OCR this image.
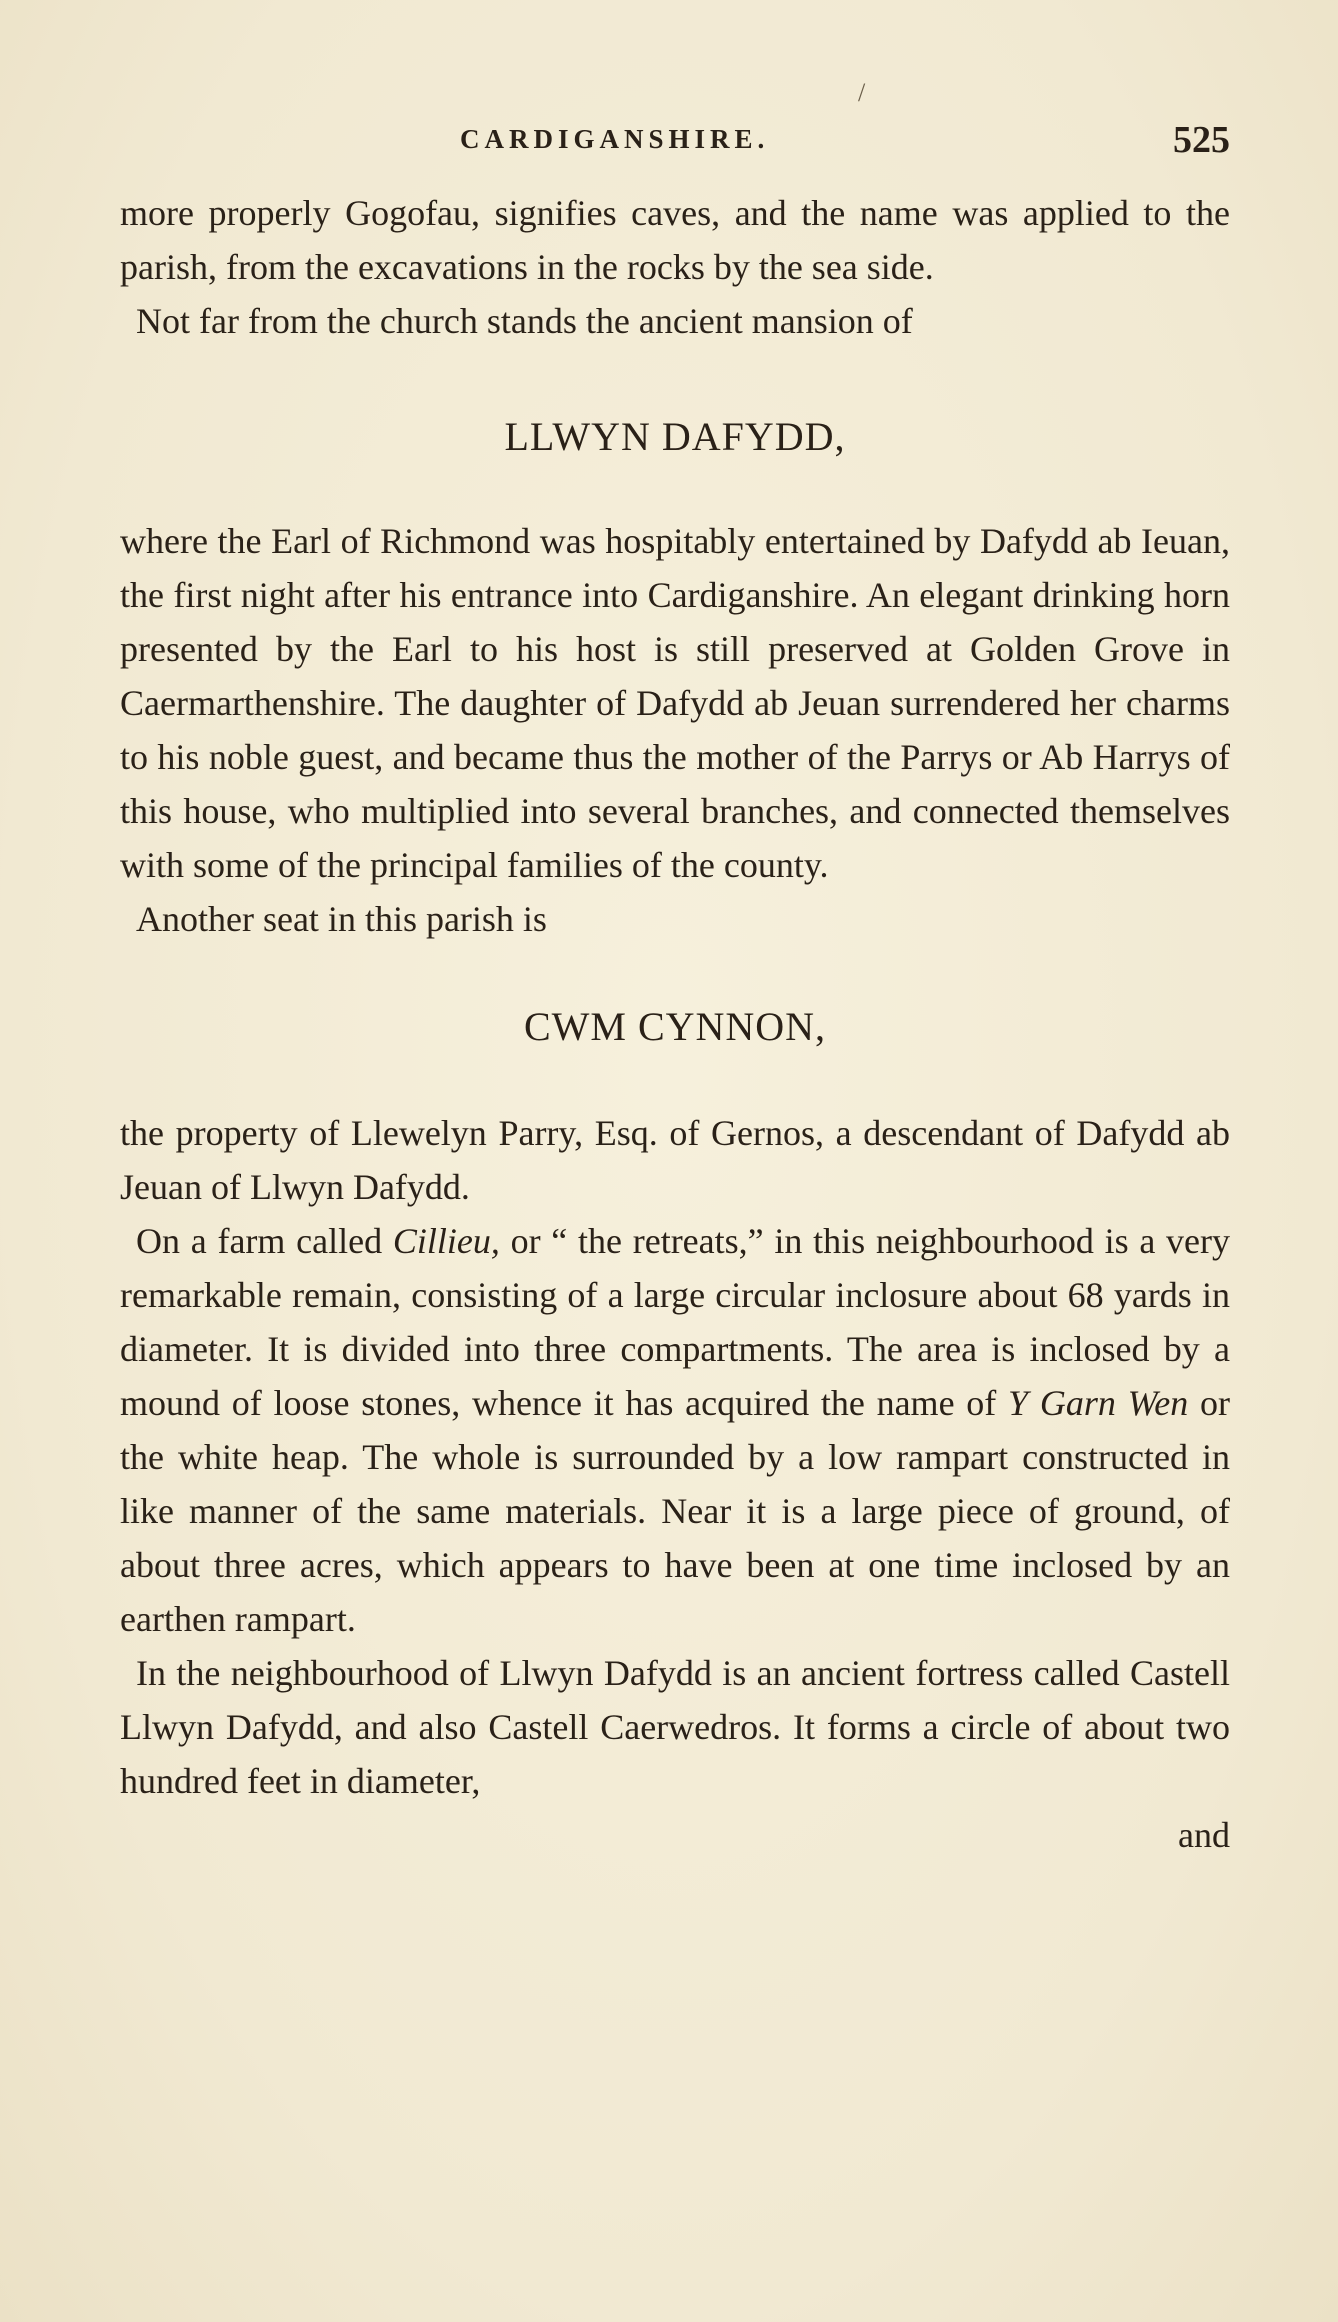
/
CARDIGANSHIRE.	525

more properly Gogofau, signifies caves, and the name was applied to the parish, from the excavations in the rocks by the sea side.

Not far from the church stands the ancient mansion of

LLWYN DAFYDD,

where the Earl of Richmond was hospitably entertained by Dafydd ab Ieuan, the first night after his entrance into Cardiganshire. An elegant drinking horn presented by the Earl to his host is still preserved at Golden Grove in Caermarthenshire. The daughter of Dafydd ab Jeuan surrendered her charms to his noble guest, and became thus the mother of the Parrys or Ab Harrys of this house, who multiplied into several branches, and connected themselves with some of the principal families of the county.

Another seat in this parish is

CWM CYNNON,

the property of Llewelyn Parry, Esq. of Gernos, a descendant of Dafydd ab Jeuan of Llwyn Dafydd.

On a farm called Cillieu, or “ the retreats,” in this neighbourhood is a very remarkable remain, consisting of a large circular inclosure about 68 yards in diameter. It is divided into three compartments. The area is inclosed by a mound of loose stones, whence it has acquired the name of Y Garn Wen or the white heap. The whole is surrounded by a low rampart constructed in like manner of the same materials. Near it is a large piece of ground, of about three acres, which appears to have been at one time inclosed by an earthen rampart.

In the neighbourhood of Llwyn Dafydd is an ancient fortress called Castell Llwyn Dafydd, and also Castell Caerwedros. It forms a circle of about two hundred feet in diameter,

and
